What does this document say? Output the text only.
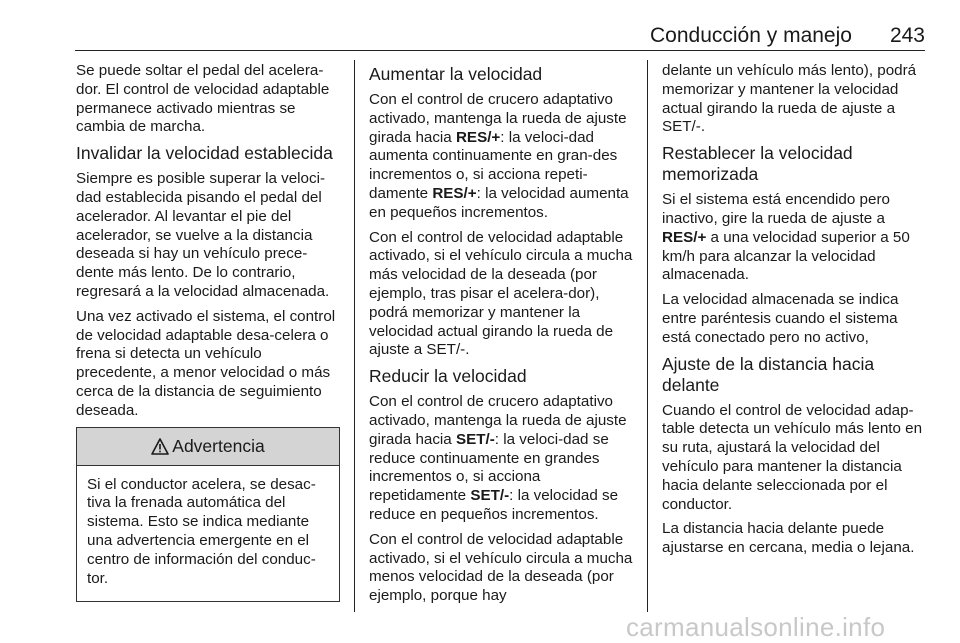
Conducción y manejo 243

Se puede soltar el pedal del acelera-dor. El control de velocidad adaptable permanece activado mientras se cambia de marcha.

Invalidar la velocidad establecida

Siempre es posible superar la veloci-dad establecida pisando el pedal del acelerador. Al levantar el pie del acelerador, se vuelve a la distancia deseada si hay un vehículo prece-dente más lento. De lo contrario, regresará a la velocidad almacenada.

Una vez activado el sistema, el control de velocidad adaptable desa-celera o frena si detecta un vehículo precedente, a menor velocidad o más cerca de la distancia de seguimiento deseada.

Advertencia

Si el conductor acelera, se desac-tiva la frenada automática del sistema. Esto se indica mediante una advertencia emergente en el centro de información del conduc-tor.

Aumentar la velocidad

Con el control de crucero adaptativo activado, mantenga la rueda de ajuste girada hacia RES/+: la veloci-dad aumenta continuamente en gran-des incrementos o, si acciona repeti-damente RES/+: la velocidad aumenta en pequeños incrementos.

Con el control de velocidad adaptable activado, si el vehículo circula a mucha más velocidad de la deseada (por ejemplo, tras pisar el acelera-dor), podrá memorizar y mantener la velocidad actual girando la rueda de ajuste a SET/-.

Reducir la velocidad

Con el control de crucero adaptativo activado, mantenga la rueda de ajuste girada hacia SET/-: la veloci-dad se reduce continuamente en grandes incrementos o, si acciona repetidamente SET/-: la velocidad se reduce en pequeños incrementos.

Con el control de velocidad adaptable activado, si el vehículo circula a mucha menos velocidad de la deseada (por ejemplo, porque hay

delante un vehículo más lento), podrá memorizar y mantener la velocidad actual girando la rueda de ajuste a SET/-.

Restablecer la velocidad memorizada

Si el sistema está encendido pero inactivo, gire la rueda de ajuste a RES/+ a una velocidad superior a 50 km/h para alcanzar la velocidad almacenada.

La velocidad almacenada se indica entre paréntesis cuando el sistema está conectado pero no activo,

Ajuste de la distancia hacia delante

Cuando el control de velocidad adap-table detecta un vehículo más lento en su ruta, ajustará la velocidad del vehículo para mantener la distancia hacia delante seleccionada por el conductor.

La distancia hacia delante puede ajustarse en cercana, media o lejana.

carmanualsonline.info
